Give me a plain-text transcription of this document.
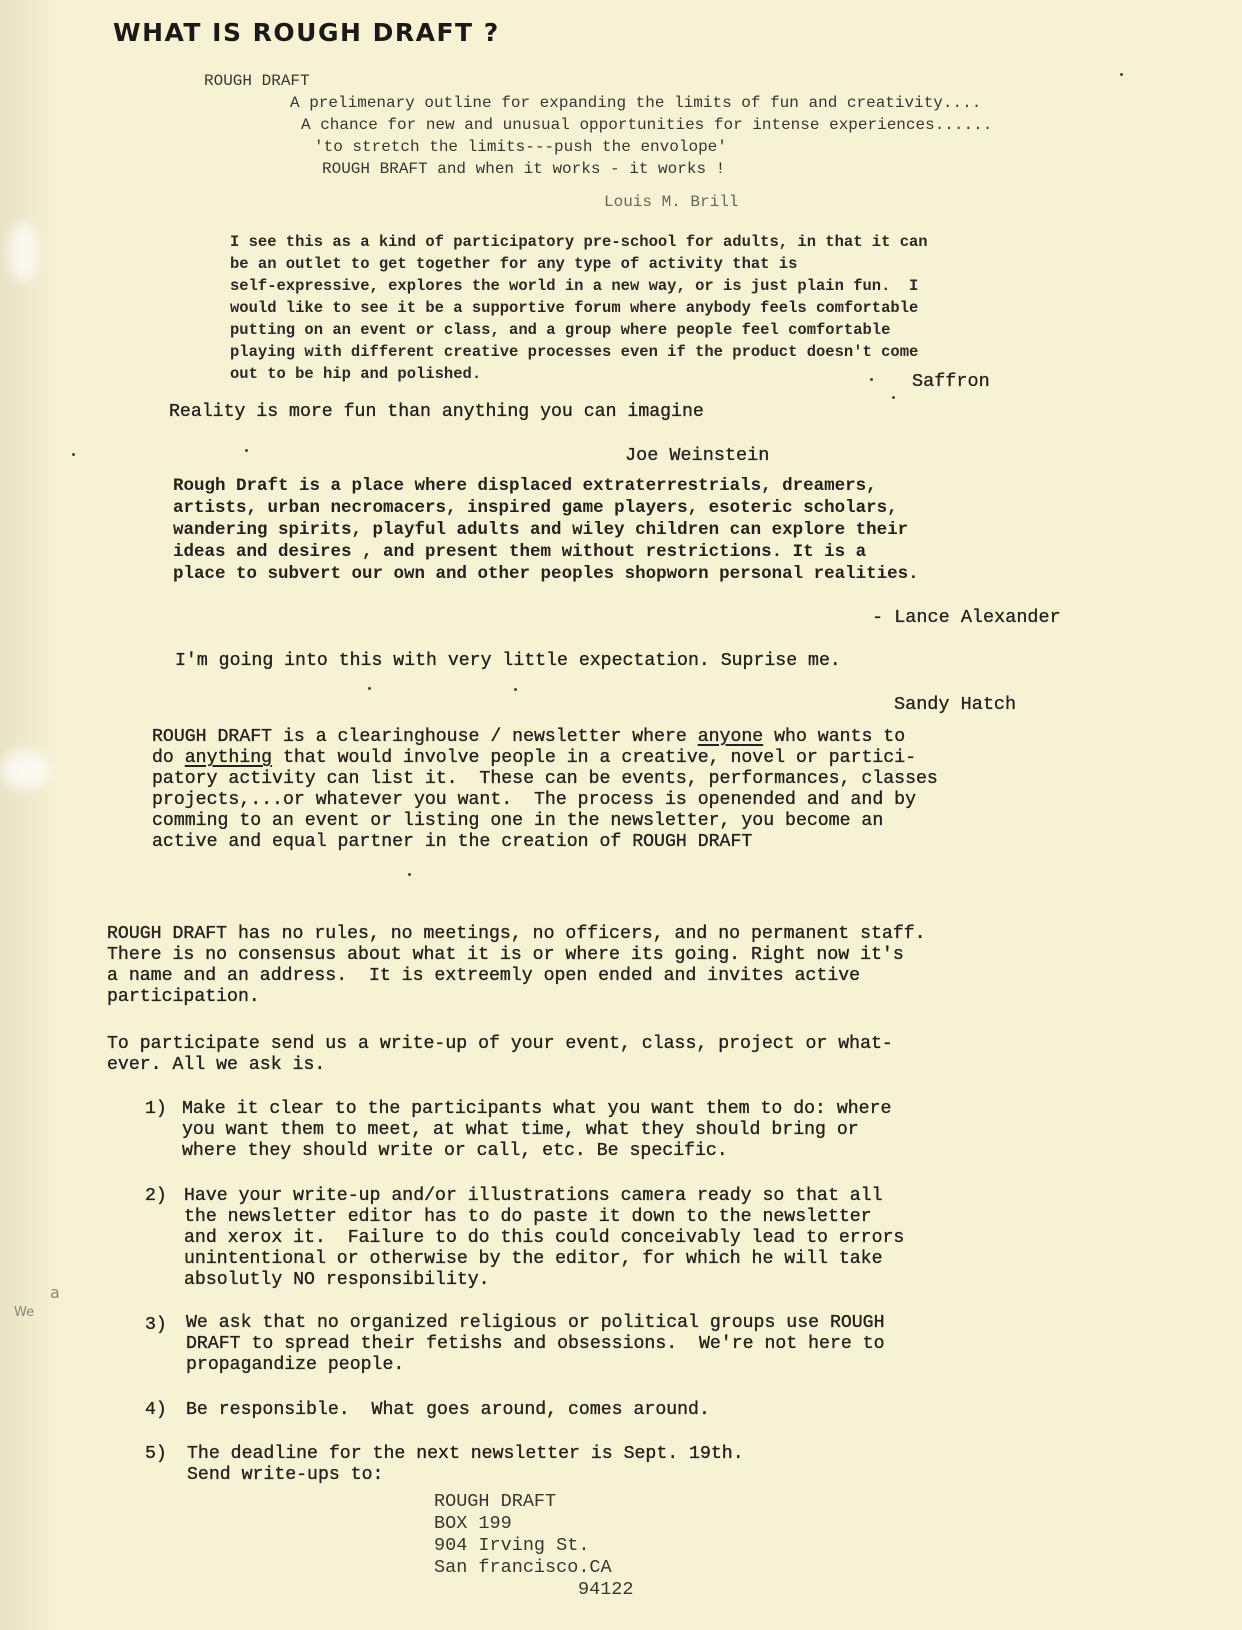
WHAT IS ROUGH DRAFT ?
ROUGH DRAFT
A prelimenary outline for expanding the limits of fun and creativity....
A chance for new and unusual opportunities for intense experiences......
'to stretch the limits---push the envolope'
ROUGH BRAFT and when it works - it works !
Louis M. Brill
I see this as a kind of participatory pre-school for adults, in that it can
be an outlet to get together for any type of activity that is
self-expressive, explores the world in a new way, or is just plain fun.  I
would like to see it be a supportive forum where anybody feels comfortable
putting on an event or class, and a group where people feel comfortable
playing with different creative processes even if the product doesn't come
out to be hip and polished.	Saffron
Reality is more fun than anything you can imagine
Joe Weinstein
Rough Draft is a place where displaced extraterrestrials, dreamers,
artists, urban necromacers, inspired game players, esoteric scholars,
wandering spirits, playful adults and wiley children can explore their
ideas and desires , and present them without restrictions. It is a
place to subvert our own and other peoples shopworn personal realities.
- Lance Alexander
I'm going into this with very little expectation. Suprise me.
Sandy Hatch
ROUGH DRAFT is a clearinghouse / newsletter where anyone who wants to
do anything that would involve people in a creative, novel or partici-
patory activity can list it.  These can be events, performances, classes
projects,...or whatever you want.  The process is openended and and by
comming to an event or listing one in the newsletter, you become an
active and equal partner in the creation of ROUGH DRAFT
ROUGH DRAFT has no rules, no meetings, no officers, and no permanent staff.
There is no consensus about what it is or where its going. Right now it's
a name and an address.  It is extreemly open ended and invites active
participation.
To participate send us a write-up of your event, class, project or what-
ever. All we ask is.
1) Make it clear to the participants what you want them to do: where
you want them to meet, at what time, what they should bring or
where they should write or call, etc. Be specific.
2) Have your write-up and/or illustrations camera ready so that all
the newsletter editor has to do paste it down to the newsletter
and xerox it.  Failure to do this could conceivably lead to errors
unintentional or otherwise by the editor, for which he will take
absolutly NO responsibility.
3) We ask that no organized religious or political groups use ROUGH
DRAFT to spread their fetishs and obsessions.  We're not here to
propagandize people.
4) Be responsible.  What goes around, comes around.
5) The deadline for the next newsletter is Sept. 19th.
Send write-ups to:
ROUGH DRAFT
BOX 199
904 Irving St.
San francisco.CA
94122
a
We
